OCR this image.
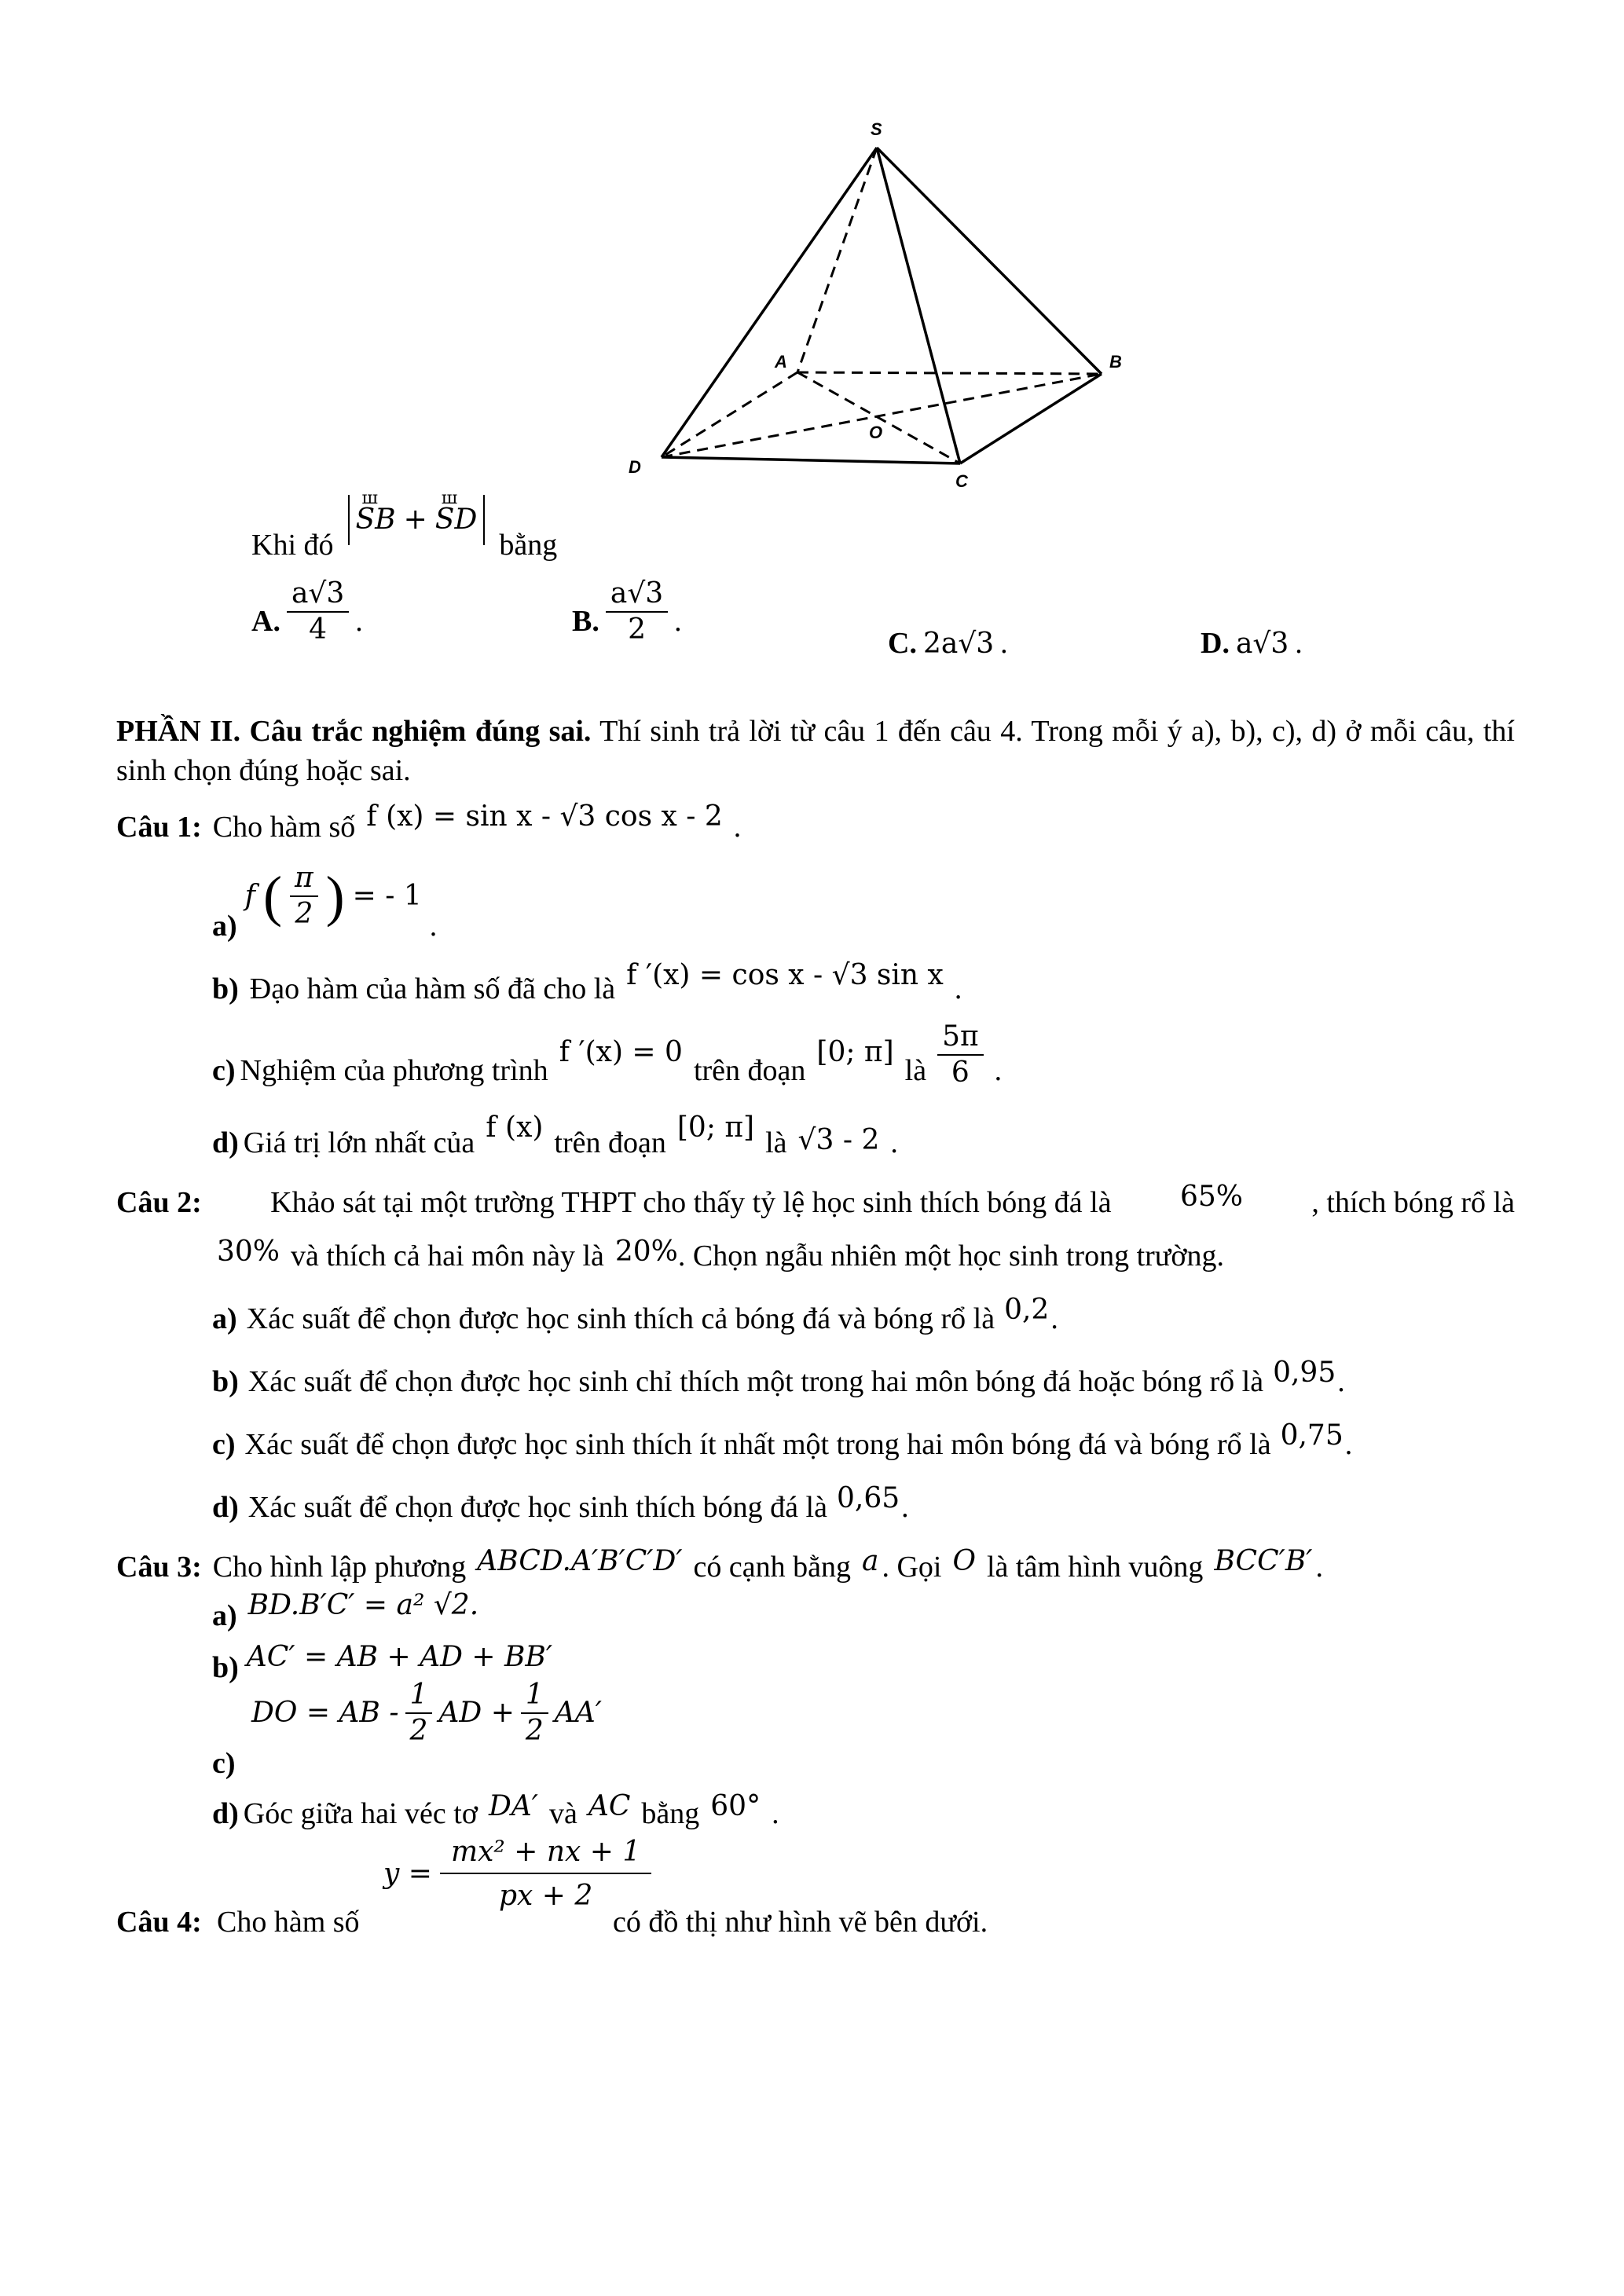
S
A	B
C
D
O
Khi đó
ш
SB +
ш
SD
bằng
A. $\frac{a√3}{4}$ .	B. $\frac{a√3}{2}$ .
C. 2a√3 .	D. a√3 .
PHẦN II. Câu trắc nghiệm đúng sai. Thí sinh trả lời từ câu 1 đến câu 4. Trong mỗi ý a), b), c), d) ở mỗi câu, thí sinh chọn đúng hoặc sai.
Câu 1: Cho hàm số f (x) = sin x - √3 cos x - 2 .
a)
f ( $\frac{\pi}{2}$ ) = - 1
.
b) Đạo hàm của hàm số đã cho là f ′(x) = cos x - √3 sin x .
c) Nghiệm của phương trình
f ′(x) = 0
trên đoạn
[0; π]
là $\frac{5\pi}{6}$ .
d) Giá trị lớn nhất của f (x) trên đoạn [0; π] là √3 - 2 .
Câu 2: Khảo sát tại một trường THPT cho thấy tỷ lệ học sinh thích bóng đá là 65% , thích bóng rổ là
30% và thích cả hai môn này là 20% . Chọn ngẫu nhiên một học sinh trong trường.
a) Xác suất để chọn được học sinh thích cả bóng đá và bóng rổ là 0,2 .
b) Xác suất để chọn được học sinh chỉ thích một trong hai môn bóng đá hoặc bóng rổ là 0,95 .
c) Xác suất để chọn được học sinh thích ít nhất một trong hai môn bóng đá và bóng rổ là 0,75 .
d) Xác suất để chọn được học sinh thích bóng đá là 0,65 .
Câu 3: Cho hình lập phương ABCD.A′B′C′D′ có cạnh bằng a . Gọi O là tâm hình vuông BCC′B′ .
a) BD.B′C′ = a² √2.
b) AC′ = AB + AD + BB′
c)
DO = AB - $\frac{1}{2}$ AD + $\frac{1}{2} AA'$
d) Góc giữa hai véc tơ DA′ và AC bằng 60° .
Câu 4: Cho hàm số
$y = \frac{\text{mx² + nx + 1}}{px + 2}$
có đồ thị như hình vẽ bên dưới.
